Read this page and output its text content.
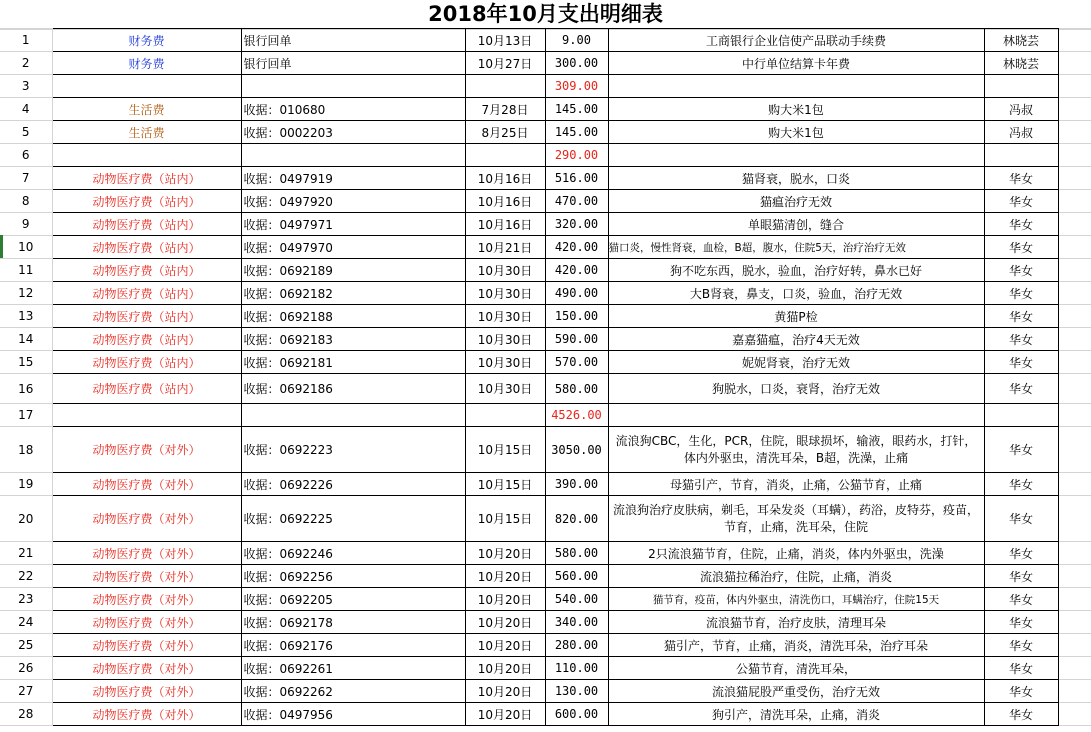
2018年10月支出明细表
1	财务费	银行回单	10月13日	9.00	工商银行企业信使产品联动手续费	林晓芸	
2	财务费	银行回单	10月27日	300.00	中行单位结算卡年费	林晓芸	
3				309.00			
4	生活费	收据：010680	7月28日	145.00	购大米1包	冯叔	
5	生活费	收据：0002203	8月25日	145.00	购大米1包	冯叔	
6				290.00			
7	动物医疗费（站内）	收据：0497919	10月16日	516.00	猫肾衰，脱水，口炎	华女	
8	动物医疗费（站内）	收据：0497920	10月16日	470.00	猫瘟治疗无效	华女	
9	动物医疗费（站内）	收据：0497971	10月16日	320.00	单眼猫清创，缝合	华女	
10	动物医疗费（站内）	收据：0497970	10月21日	420.00	猫口炎，慢性肾衰，血检，B超，腹水，住院5天，治疗治疗无效	华女	
11	动物医疗费（站内）	收据：0692189	10月30日	420.00	狗不吃东西，脱水，验血，治疗好转，鼻水已好	华女	
12	动物医疗费（站内）	收据：0692182	10月30日	490.00	大B肾衰，鼻支，口炎，验血，治疗无效	华女	
13	动物医疗费（站内）	收据：0692188	10月30日	150.00	黄猫P检	华女	
14	动物医疗费（站内）	收据：0692183	10月30日	590.00	嘉嘉猫瘟，治疗4天无效	华女	
15	动物医疗费（站内）	收据：0692181	10月30日	570.00	妮妮肾衰，治疗无效	华女	
16	动物医疗费（站内）	收据：0692186	10月30日	580.00	狗脱水，口炎，衰肾，治疗无效	华女	
17				4526.00			
18	动物医疗费（对外）	收据：0692223	10月15日	3050.00	流浪狗CBC，生化，PCR，住院，眼球损坏，输液，眼药水，打针，体内外驱虫，清洗耳朵，B超，洗澡，止痛	华女	
19	动物医疗费（对外）	收据：0692226	10月15日	390.00	母猫引产，节育，消炎，止痛，公猫节育，止痛	华女	
20	动物医疗费（对外）	收据：0692225	10月15日	820.00	流浪狗治疗皮肤病，剃毛，耳朵发炎（耳螨），药浴，皮特芬，疫苗，节育，止痛，洗耳朵，住院	华女	
21	动物医疗费（对外）	收据：0692246	10月20日	580.00	2只流浪猫节育，住院，止痛，消炎，体内外驱虫，洗澡	华女	
22	动物医疗费（对外）	收据：0692256	10月20日	560.00	流浪猫拉稀治疗，住院，止痛，消炎	华女	
23	动物医疗费（对外）	收据：0692205	10月20日	540.00	猫节育，疫苗，体内外驱虫，清洗伤口，耳螨治疗，住院15天	华女	
24	动物医疗费（对外）	收据：0692178	10月20日	340.00	流浪猫节育，治疗皮肤，清理耳朵	华女	
25	动物医疗费（对外）	收据：0692176	10月20日	280.00	猫引产，节育，止痛，消炎，清洗耳朵，治疗耳朵	华女	
26	动物医疗费（对外）	收据：0692261	10月20日	110.00	公猫节育，清洗耳朵，	华女	
27	动物医疗费（对外）	收据：0692262	10月20日	130.00	流浪猫屁股严重受伤，治疗无效	华女	
28	动物医疗费（对外）	收据：0497956	10月20日	600.00	狗引产，清洗耳朵，止痛，消炎	华女	
